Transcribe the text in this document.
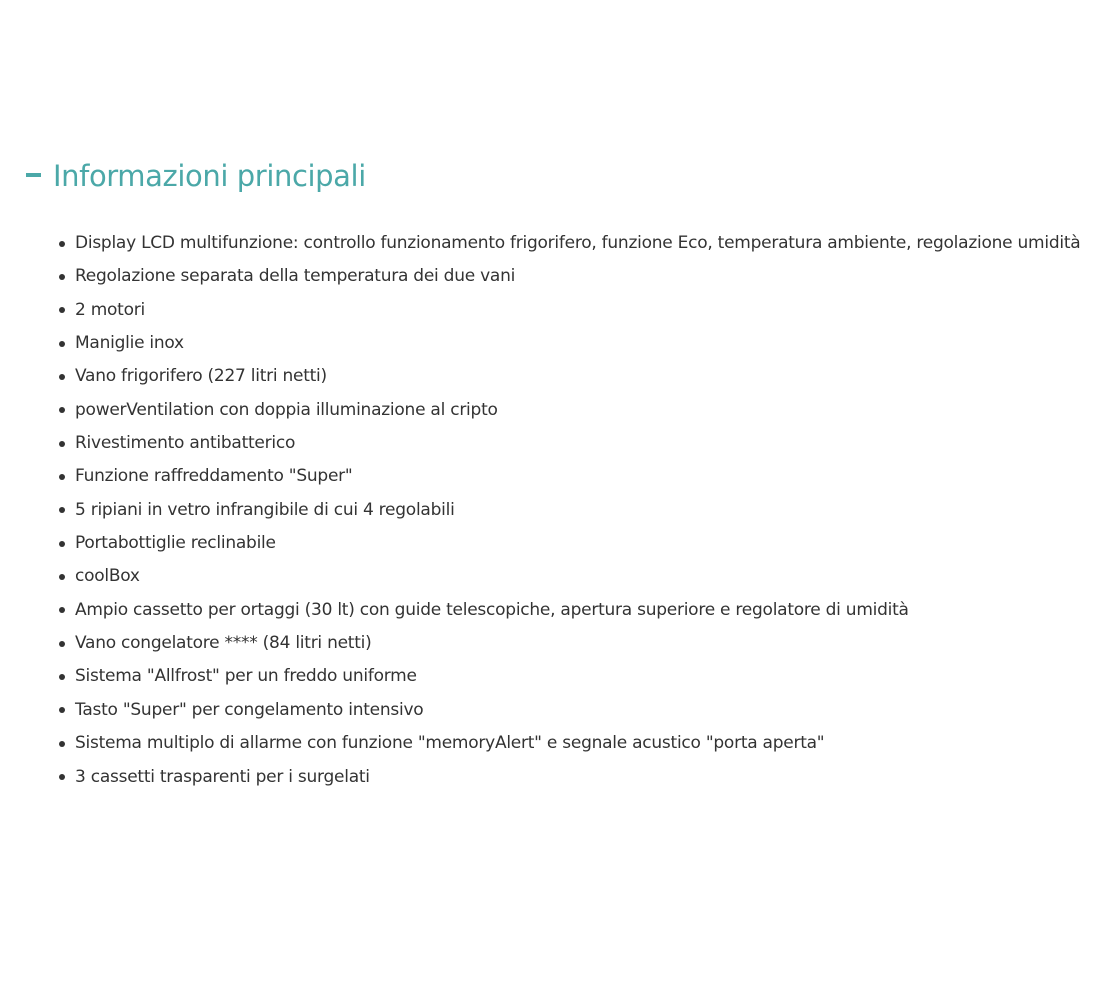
Informazioni principali
Display LCD multifunzione: controllo funzionamento frigorifero, funzione Eco, temperatura ambiente, regolazione umidità
Regolazione separata della temperatura dei due vani
2 motori
Maniglie inox
Vano frigorifero (227 litri netti)
powerVentilation con doppia illuminazione al cripto
Rivestimento antibatterico
Funzione raffreddamento "Super"
5 ripiani in vetro infrangibile di cui 4 regolabili
Portabottiglie reclinabile
coolBox
Ampio cassetto per ortaggi (30 lt) con guide telescopiche, apertura superiore e regolatore di umidità
Vano congelatore **** (84 litri netti)
Sistema "Allfrost" per un freddo uniforme
Tasto "Super" per congelamento intensivo
Sistema multiplo di allarme con funzione "memoryAlert" e segnale acustico "porta aperta"
3 cassetti trasparenti per i surgelati
